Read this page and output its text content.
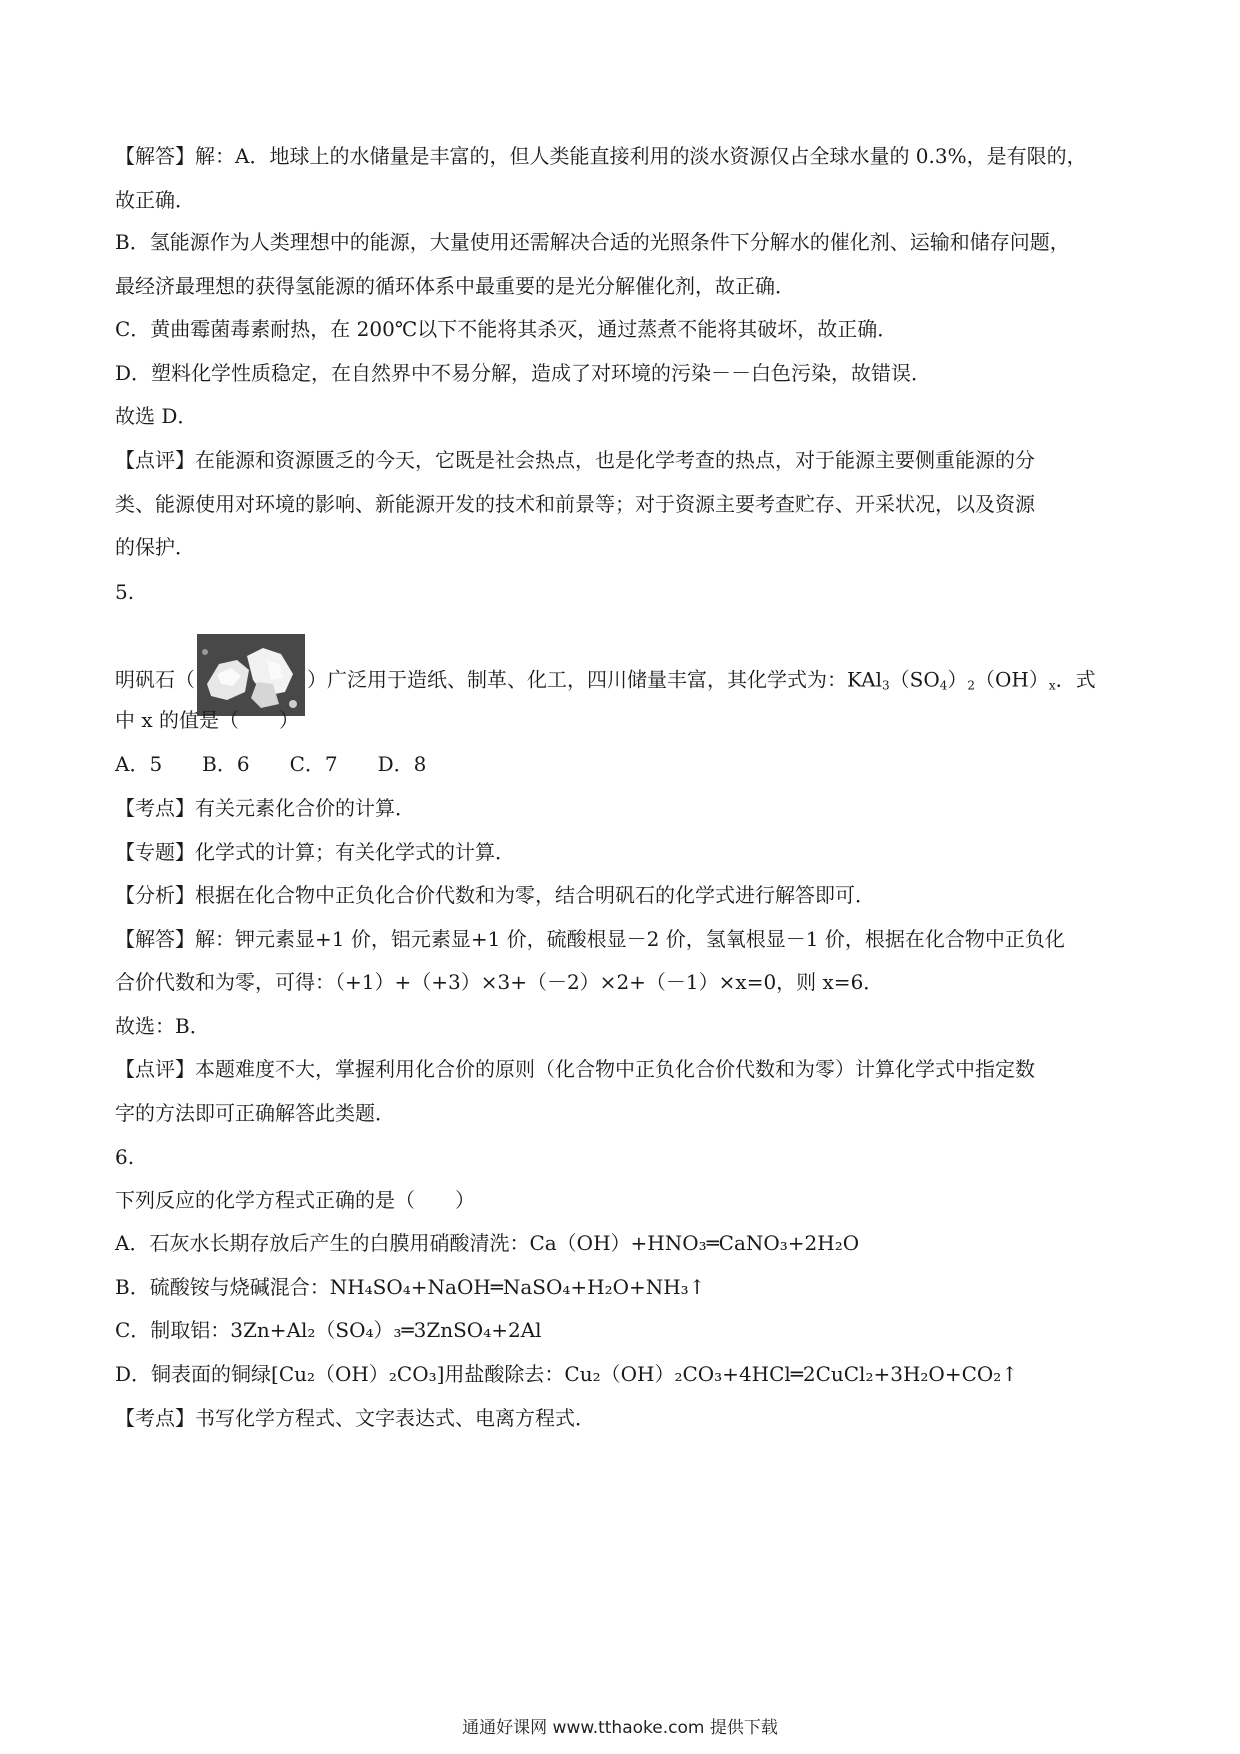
【解答】解：A．地球上的水储量是丰富的，但人类能直接利用的淡水资源仅占全球水量的 0.3%，是有限的，

故正确．

B．氢能源作为人类理想中的能源，大量使用还需解决合适的光照条件下分解水的催化剂、运输和储存问题，

最经济最理想的获得氢能源的循环体系中最重要的是光分解催化剂，故正确．

C．黄曲霉菌毒素耐热，在 200℃以下不能将其杀灭，通过蒸煮不能将其破坏，故正确．

D．塑料化学性质稳定，在自然界中不易分解，造成了对环境的污染－－白色污染，故错误．

故选 D．

【点评】在能源和资源匮乏的今天，它既是社会热点，也是化学考查的热点，对于能源主要侧重能源的分

类、能源使用对环境的影响、新能源开发的技术和前景等；对于资源主要考查贮存、开采状况，以及资源

的保护．

5.

明矾石（	）广泛用于造纸、制革、化工，四川储量丰富，其化学式为：$KAl_3(SO_4)_2(OH)_x$．式

中 x 的值是（　　）

A．5　　B．6　　C．7　　D．8

【考点】有关元素化合价的计算．

【专题】化学式的计算；有关化学式的计算．

【分析】根据在化合物中正负化合价代数和为零，结合明矾石的化学式进行解答即可．

【解答】解：钾元素显+1 价，铝元素显+1 价，硫酸根显－2 价，氢氧根显－1 价，根据在化合物中正负化

合价代数和为零，可得：（+1）+（+3）×3+（－2）×2+（－1）×x=0，则 x=6．

故选：B．

【点评】本题难度不大，掌握利用化合价的原则（化合物中正负化合价代数和为零）计算化学式中指定数

字的方法即可正确解答此类题．

6.

下列反应的化学方程式正确的是（　　）

A．石灰水长期存放后产生的白膜用硝酸清洗：Ca（OH）+HNO₃═CaNO₃+2H₂O

B．硫酸铵与烧碱混合：NH₄SO₄+NaOH═NaSO₄+H₂O+NH₃↑

C．制取铝：3Zn+Al₂（SO₄）₃═3ZnSO₄+2Al

D．铜表面的铜绿[Cu₂（OH）₂CO₃]用盐酸除去：Cu₂（OH）₂CO₃+4HCl═2CuCl₂+3H₂O+CO₂↑

【考点】书写化学方程式、文字表达式、电离方程式．

通通好课网 www.tthaoke.com 提供下载
